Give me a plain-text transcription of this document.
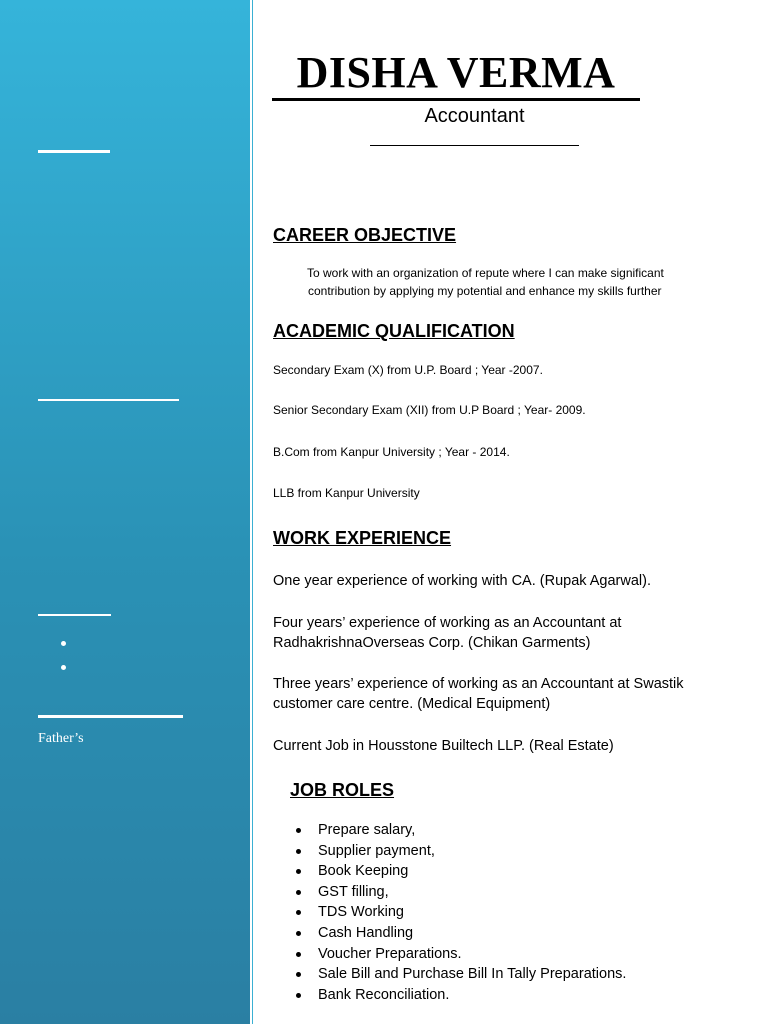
Father’s
DISHA VERMA
Accountant
CAREER OBJECTIVE
To work with an organization of repute where I can make significant
contribution by applying my potential and enhance my skills further
ACADEMIC QUALIFICATION
Secondary Exam (X) from U.P. Board ; Year -2007.
Senior Secondary Exam (XII) from U.P Board ; Year- 2009.
B.Com from Kanpur University ; Year - 2014.
LLB from Kanpur University
WORK EXPERIENCE
One year experience of working with CA. (Rupak Agarwal).
Four years’ experience of working as an Accountant at RadhakrishnaOverseas Corp. (Chikan Garments)
Three years’ experience of working as an Accountant at Swastik customer care centre. (Medical Equipment)
Current Job in Housstone Builtech LLP. (Real Estate)
JOB ROLES
Prepare salary,
Supplier payment,
Book Keeping
GST filling,
TDS Working
Cash Handling
Voucher Preparations.
Sale Bill and Purchase Bill In Tally Preparations.
Bank Reconciliation.
